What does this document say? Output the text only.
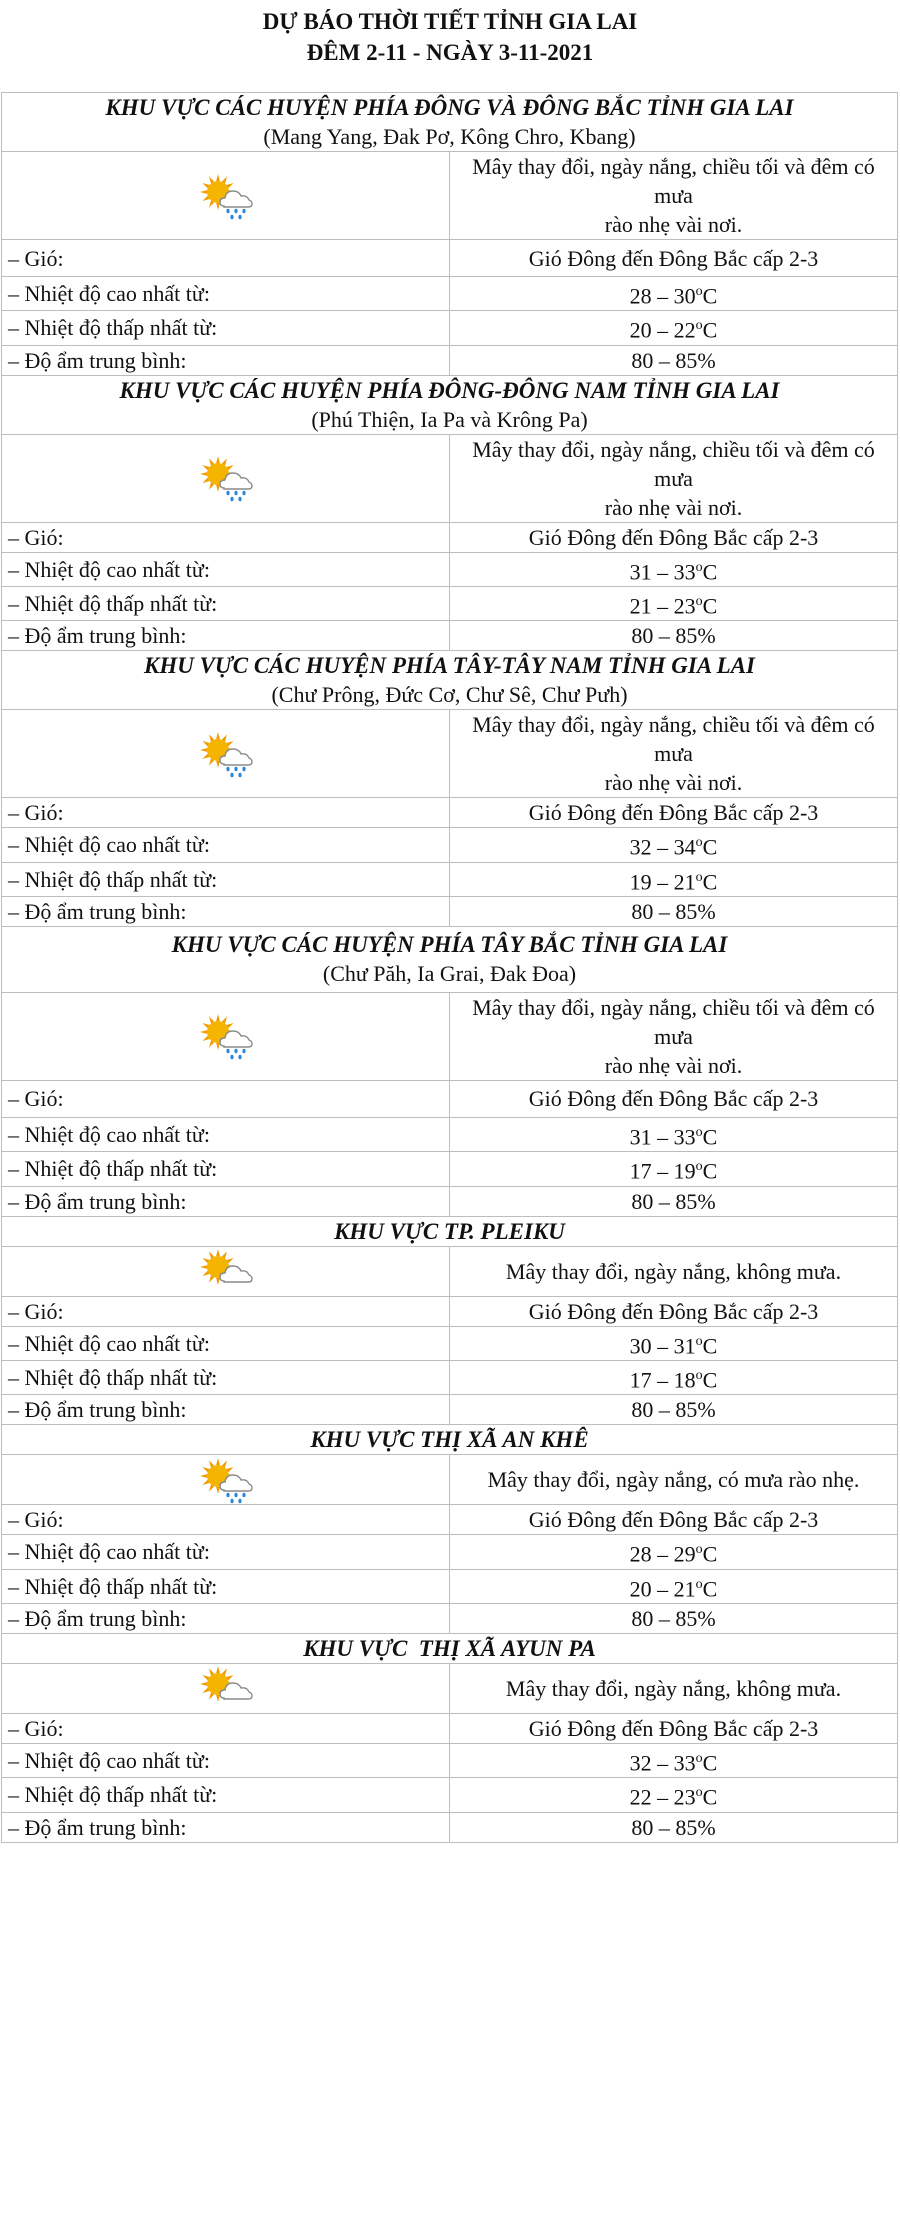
DỰ BÁO THỜI TIẾT TỈNH GIA LAI
ĐÊM 2-11 - NGÀY 3-11-2021
KHU VỰC CÁC HUYỆN PHÍA ĐÔNG VÀ ĐÔNG BẮC TỈNH GIA LAI
(Mang Yang, Đak Pơ, Kông Chro, Kbang)	

Mây thay đổi, ngày nắng, chiều tối và đêm có mưa
rào nhẹ vài nơi.

– Gió:	Gió Đông đến Đông Bắc cấp 2-3
– Nhiệt độ cao nhất từ:	28 – 30$^o$C
– Nhiệt độ thấp nhất từ:	20 – 22$^o$C
– Độ ẩm trung bình:	80 – 85%

KHU VỰC CÁC HUYỆN PHÍA ĐÔNG-ĐÔNG NAM TỈNH GIA LAI
(Phú Thiện, Ia Pa và Krông Pa)	

Mây thay đổi, ngày nắng, chiều tối và đêm có mưa
rào nhẹ vài nơi.

– Gió:	Gió Đông đến Đông Bắc cấp 2-3
– Nhiệt độ cao nhất từ:	31 – 33$^o$C
– Nhiệt độ thấp nhất từ:	21 – 23$^o$C
– Độ ẩm trung bình:	80 – 85%

KHU VỰC CÁC HUYỆN PHÍA TÂY-TÂY NAM TỈNH GIA LAI
(Chư Prông, Đức Cơ, Chư Sê, Chư Pưh)	

Mây thay đổi, ngày nắng, chiều tối và đêm có mưa
rào nhẹ vài nơi.

– Gió:	Gió Đông đến Đông Bắc cấp 2-3
– Nhiệt độ cao nhất từ:	32 – 34$^o$C
– Nhiệt độ thấp nhất từ:	19 – 21$^o$C
– Độ ẩm trung bình:	80 – 85%

KHU VỰC CÁC HUYỆN PHÍA TÂY BẮC TỈNH GIA LAI
(Chư Păh, Ia Grai, Đak Đoa)	

Mây thay đổi, ngày nắng, chiều tối và đêm có mưa
rào nhẹ vài nơi.

– Gió:	Gió Đông đến Đông Bắc cấp 2-3
– Nhiệt độ cao nhất từ:	31 – 33$^o$C
– Nhiệt độ thấp nhất từ:	17 – 19$^o$C
– Độ ẩm trung bình:	80 – 85%

KHU VỰC TP. PLEIKU	

Mây thay đổi, ngày nắng, không mưa.

– Gió:	Gió Đông đến Đông Bắc cấp 2-3
– Nhiệt độ cao nhất từ:	30 – 31$^o$C
– Nhiệt độ thấp nhất từ:	17 – 18$^o$C
– Độ ẩm trung bình:	80 – 85%

KHU VỰC THỊ XÃ AN KHÊ	

Mây thay đổi, ngày nắng, có mưa rào nhẹ.

– Gió:	Gió Đông đến Đông Bắc cấp 2-3
– Nhiệt độ cao nhất từ:	28 – 29$^o$C
– Nhiệt độ thấp nhất từ:	20 – 21$^o$C
– Độ ẩm trung bình:	80 – 85%

KHU VỰC  THỊ XÃ AYUN PA	

Mây thay đổi, ngày nắng, không mưa.

– Gió:	Gió Đông đến Đông Bắc cấp 2-3
– Nhiệt độ cao nhất từ:	32 – 33$^o$C
– Nhiệt độ thấp nhất từ:	22 – 23$^o$C
– Độ ẩm trung bình:	80 – 85%
